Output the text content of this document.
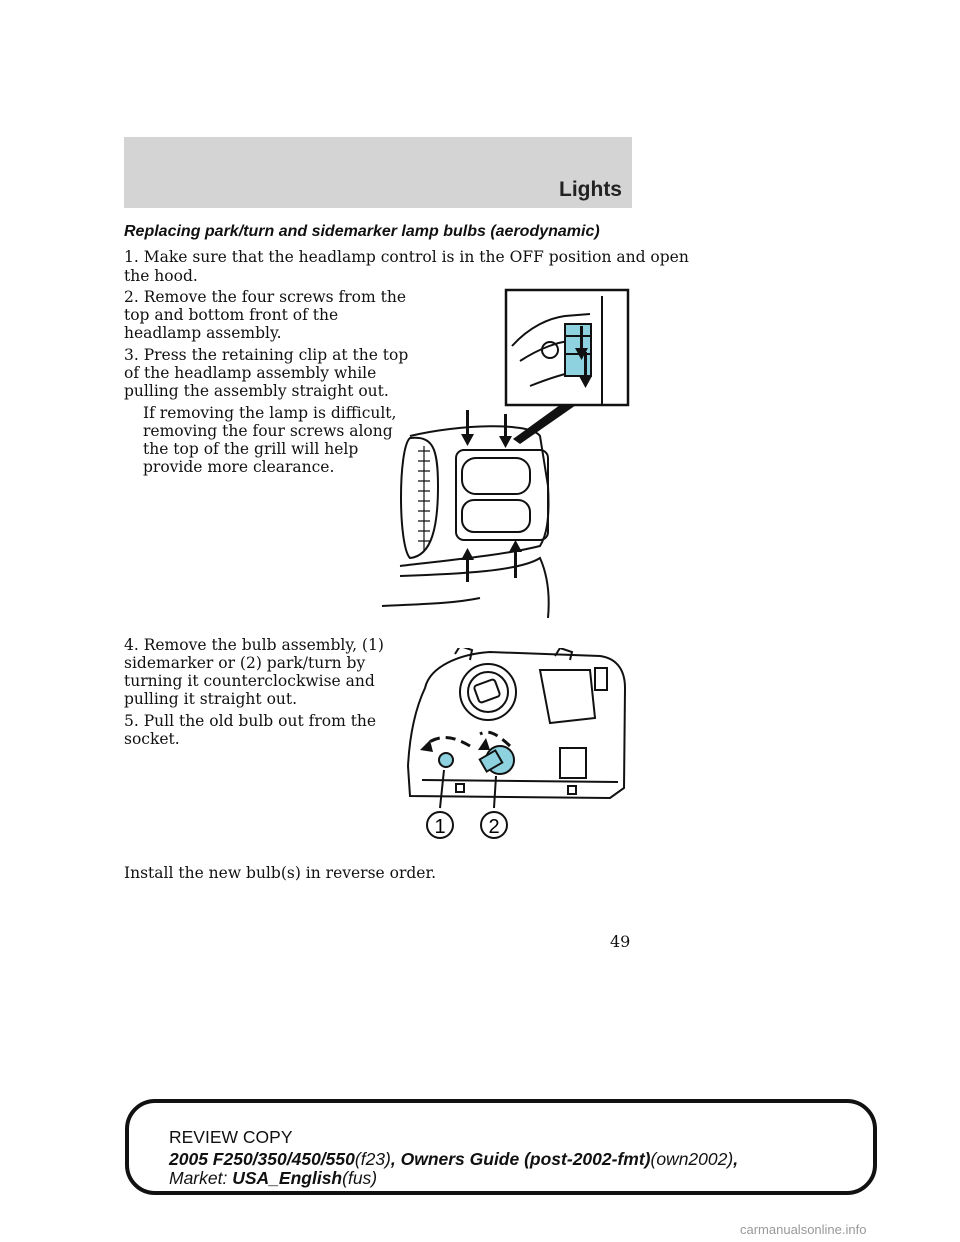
Lights
Replacing park/turn and sidemarker lamp bulbs (aerodynamic)

1. Make sure that the headlamp control is in the OFF position and open

the hood.

2. Remove the four screws from the

top and bottom front of the

headlamp assembly.

3. Press the retaining clip at the top

of the headlamp assembly while

pulling the assembly straight out.

If removing the lamp is difficult,

removing the four screws along

the top of the grill will help

provide more clearance.

4. Remove the bulb assembly, (1)

sidemarker or (2) park/turn by

turning it counterclockwise and

pulling it straight out.

5. Pull the old bulb out from the

socket.

Install the new bulb(s) in reverse order.

1 2
49
REVIEW COPY
2005 F250/350/450/550(f23), Owners Guide (post-2002-fmt)(own2002),
Market: USA_English(fus)
carmanualsonline.info
